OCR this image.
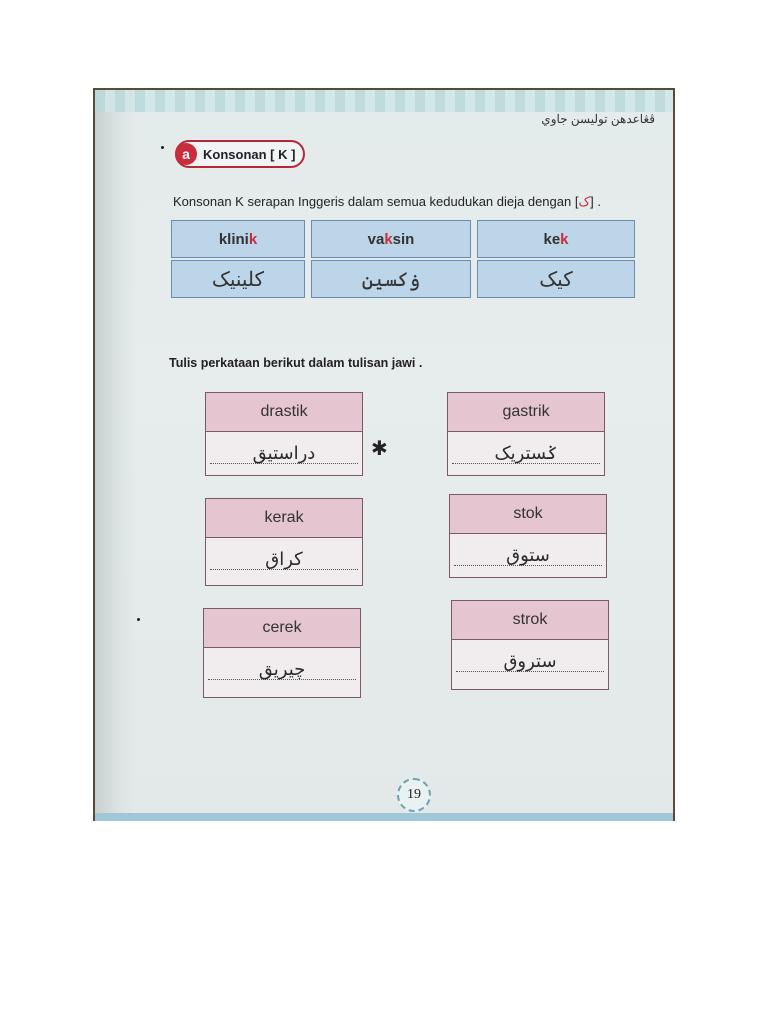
ڤڠاعدهن توليسن جاوي
a	Konsonan [ K ]
Konsonan K serapan Inggeris dalam semua kedudukan dieja dengan [ک] .
klini k	va k sin	ke k
کلينيک	ۏکسين	کيک
Tulis perkataan berikut dalam tulisan jawi .
drastik
دراستيق	✱
gastrik
ݢستريک
kerak
کراق
stok
ستوق
cerek
چيريق
strok
ستروق
19
